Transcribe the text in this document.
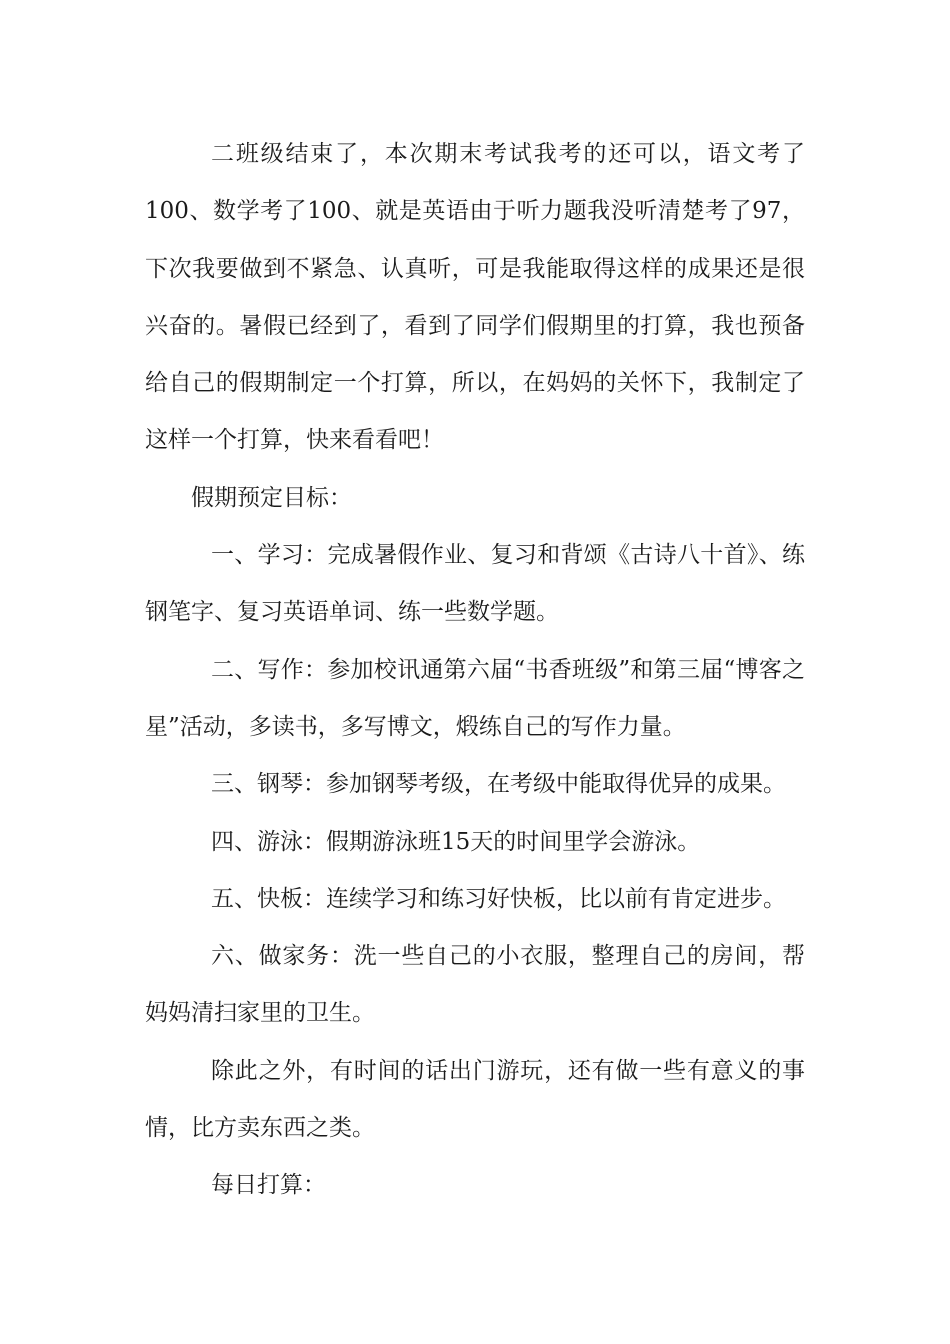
二班级结束了，本次期末考试我考的还可以，语文考了100、数学考了100、就是英语由于听力题我没听清楚考了97，下次我要做到不紧急、认真听，可是我能取得这样的成果还是很兴奋的。暑假已经到了，看到了同学们假期里的打算，我也预备给自己的假期制定一个打算，所以，在妈妈的关怀下，我制定了这样一个打算，快来看看吧！

假期预定目标：

一、学习：完成暑假作业、复习和背颂《古诗八十首》、练钢笔字、复习英语单词、练一些数学题。

二、写作：参加校讯通第六届“书香班级”和第三届“博客之星”活动，多读书，多写博文，煅练自己的写作力量。

三、钢琴：参加钢琴考级，在考级中能取得优异的成果。

四、游泳：假期游泳班15天的时间里学会游泳。

五、快板：连续学习和练习好快板，比以前有肯定进步。

六、做家务：洗一些自己的小衣服，整理自己的房间，帮妈妈清扫家里的卫生。

除此之外，有时间的话出门游玩，还有做一些有意义的事情，比方卖东西之类。

每日打算：
